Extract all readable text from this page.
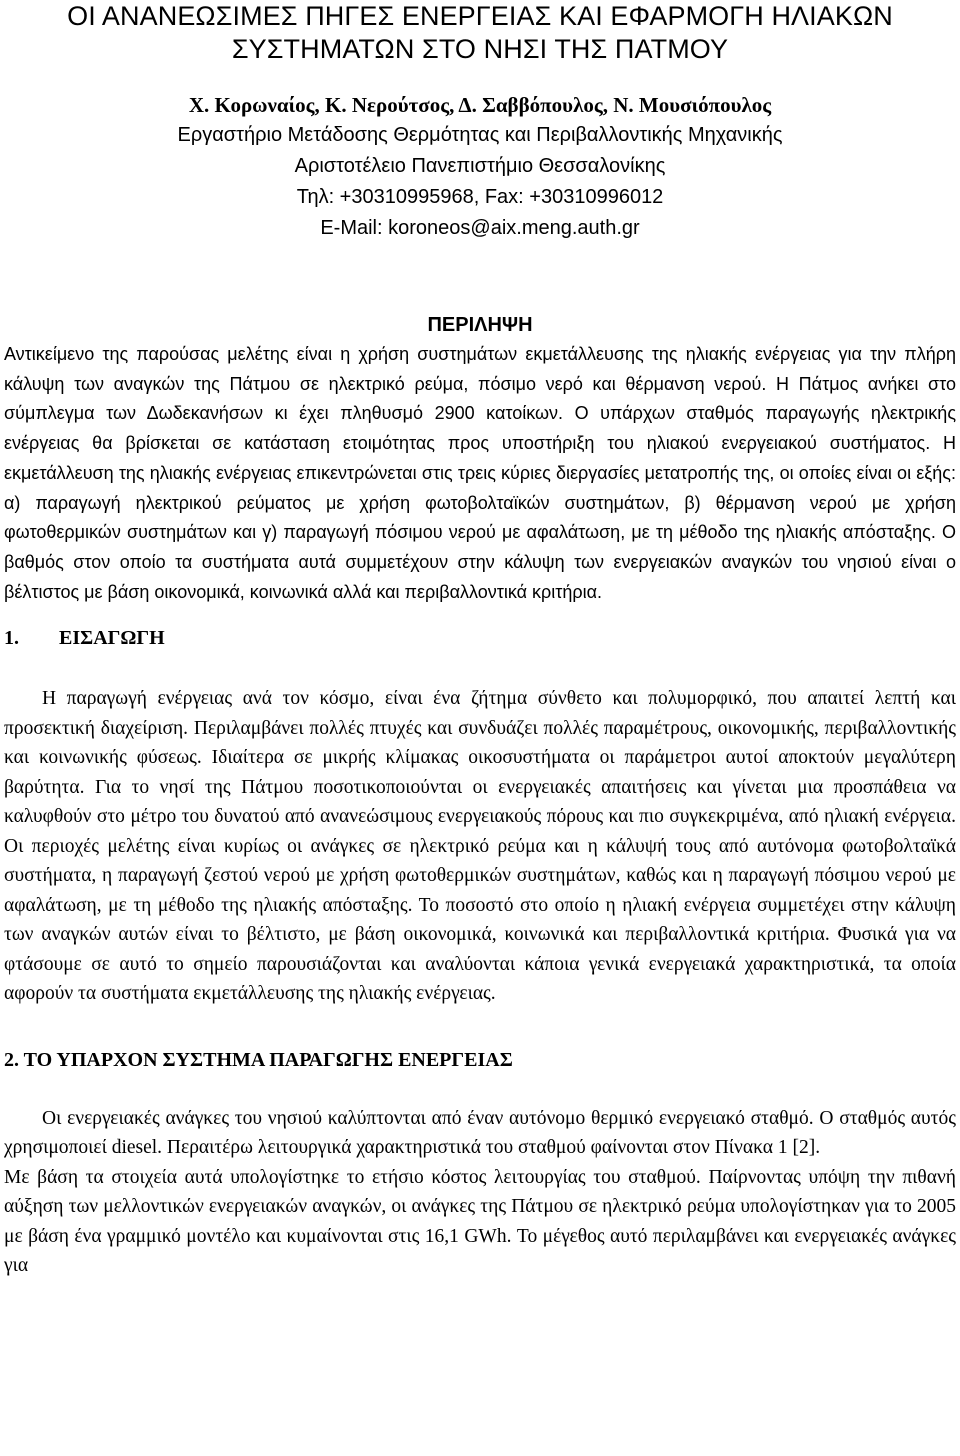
ΟΙ ΑΝΑΝΕΩΣΙΜΕΣ ΠΗΓΕΣ ΕΝΕΡΓΕΙΑΣ ΚΑΙ ΕΦΑΡΜΟΓΗ ΗΛΙΑΚΩΝ ΣΥΣΤΗΜΑΤΩΝ ΣΤΟ ΝΗΣΙ ΤΗΣ ΠΑΤΜΟΥ
Χ. Κορωναίος, Κ. Νερούτσος, Δ. Σαββόπουλος, Ν. Μουσιόπουλος
Εργαστήριο Μετάδοσης Θερμότητας και Περιβαλλοντικής Μηχανικής
Αριστοτέλειο Πανεπιστήμιο Θεσσαλονίκης
Τηλ: +30310995968, Fax: +30310996012
E-Mail: koroneos@aix.meng.auth.gr
ΠΕΡΙΛΗΨΗ

Αντικείμενο της παρούσας μελέτης είναι η χρήση συστημάτων εκμετάλλευσης της ηλιακής ενέργειας για την πλήρη κάλυψη των αναγκών της Πάτμου σε ηλεκτρικό ρεύμα, πόσιμο νερό και θέρμανση νερού. Η Πάτμος ανήκει στο σύμπλεγμα των Δωδεκανήσων κι έχει πληθυσμό 2900 κατοίκων. Ο υπάρχων σταθμός παραγωγής ηλεκτρικής ενέργειας θα βρίσκεται σε κατάσταση ετοιμότητας προς υποστήριξη του ηλιακού ενεργειακού συστήματος. Η εκμετάλλευση της ηλιακής ενέργειας επικεντρώνεται στις τρεις κύριες διεργασίες μετατροπής της, οι οποίες είναι οι εξής: α) παραγωγή ηλεκτρικού ρεύματος με χρήση φωτοβολταϊκών συστημάτων, β) θέρμανση νερού με χρήση φωτοθερμικών συστημάτων και γ) παραγωγή πόσιμου νερού με αφαλάτωση, με τη μέθοδο της ηλιακής απόσταξης. Ο βαθμός στον οποίο τα συστήματα αυτά συμμετέχουν στην κάλυψη των ενεργειακών αναγκών του νησιού είναι ο βέλτιστος με βάση οικονομικά, κοινωνικά αλλά και περιβαλλοντικά κριτήρια.

1. ΕΙΣΑΓΩΓΗ

Η παραγωγή ενέργειας ανά τον κόσμο, είναι ένα ζήτημα σύνθετο και πολυμορφικό, που απαιτεί λεπτή και προσεκτική διαχείριση. Περιλαμβάνει πολλές πτυχές και συνδυάζει πολλές παραμέτρους, οικονομικής, περιβαλλοντικής και κοινωνικής φύσεως. Ιδιαίτερα σε μικρής κλίμακας οικοσυστήματα οι παράμετροι αυτοί αποκτούν μεγαλύτερη βαρύτητα. Για το νησί της Πάτμου ποσοτικοποιούνται οι ενεργειακές απαιτήσεις και γίνεται μια προσπάθεια να καλυφθούν στο μέτρο του δυνατού από ανανεώσιμους ενεργειακούς πόρους και πιο συγκεκριμένα, από ηλιακή ενέργεια. Οι περιοχές μελέτης είναι κυρίως οι ανάγκες σε ηλεκτρικό ρεύμα και η κάλυψή τους από αυτόνομα φωτοβολταϊκά συστήματα, η παραγωγή ζεστού νερού με χρήση φωτοθερμικών συστημάτων, καθώς και η παραγωγή πόσιμου νερού με αφαλάτωση, με τη μέθοδο της ηλιακής απόσταξης. Το ποσοστό στο οποίο η ηλιακή ενέργεια συμμετέχει στην κάλυψη των αναγκών αυτών είναι το βέλτιστο, με βάση οικονομικά, κοινωνικά και περιβαλλοντικά κριτήρια. Φυσικά για να φτάσουμε σε αυτό το σημείο παρουσιάζονται και αναλύονται κάποια γενικά ενεργειακά χαρακτηριστικά, τα οποία αφορούν τα συστήματα εκμετάλλευσης της ηλιακής ενέργειας.

2. ΤΟ ΥΠΑΡΧΟΝ ΣΥΣΤΗΜΑ ΠΑΡΑΓΩΓΗΣ ΕΝΕΡΓΕΙΑΣ

Οι ενεργειακές ανάγκες του νησιού καλύπτονται από έναν αυτόνομο θερμικό ενεργειακό σταθμό. Ο σταθμός αυτός χρησιμοποιεί diesel. Περαιτέρω λειτουργικά χαρακτηριστικά του σταθμού φαίνονται στον Πίνακα 1 [2].

Με βάση τα στοιχεία αυτά υπολογίστηκε το ετήσιο κόστος λειτουργίας του σταθμού. Παίρνοντας υπόψη την πιθανή αύξηση των μελλοντικών ενεργειακών αναγκών, οι ανάγκες της Πάτμου σε ηλεκτρικό ρεύμα υπολογίστηκαν για το 2005 με βάση ένα γραμμικό μοντέλο και κυμαίνονται στις 16,1 GWh. Το μέγεθος αυτό περιλαμβάνει και ενεργειακές ανάγκες για
